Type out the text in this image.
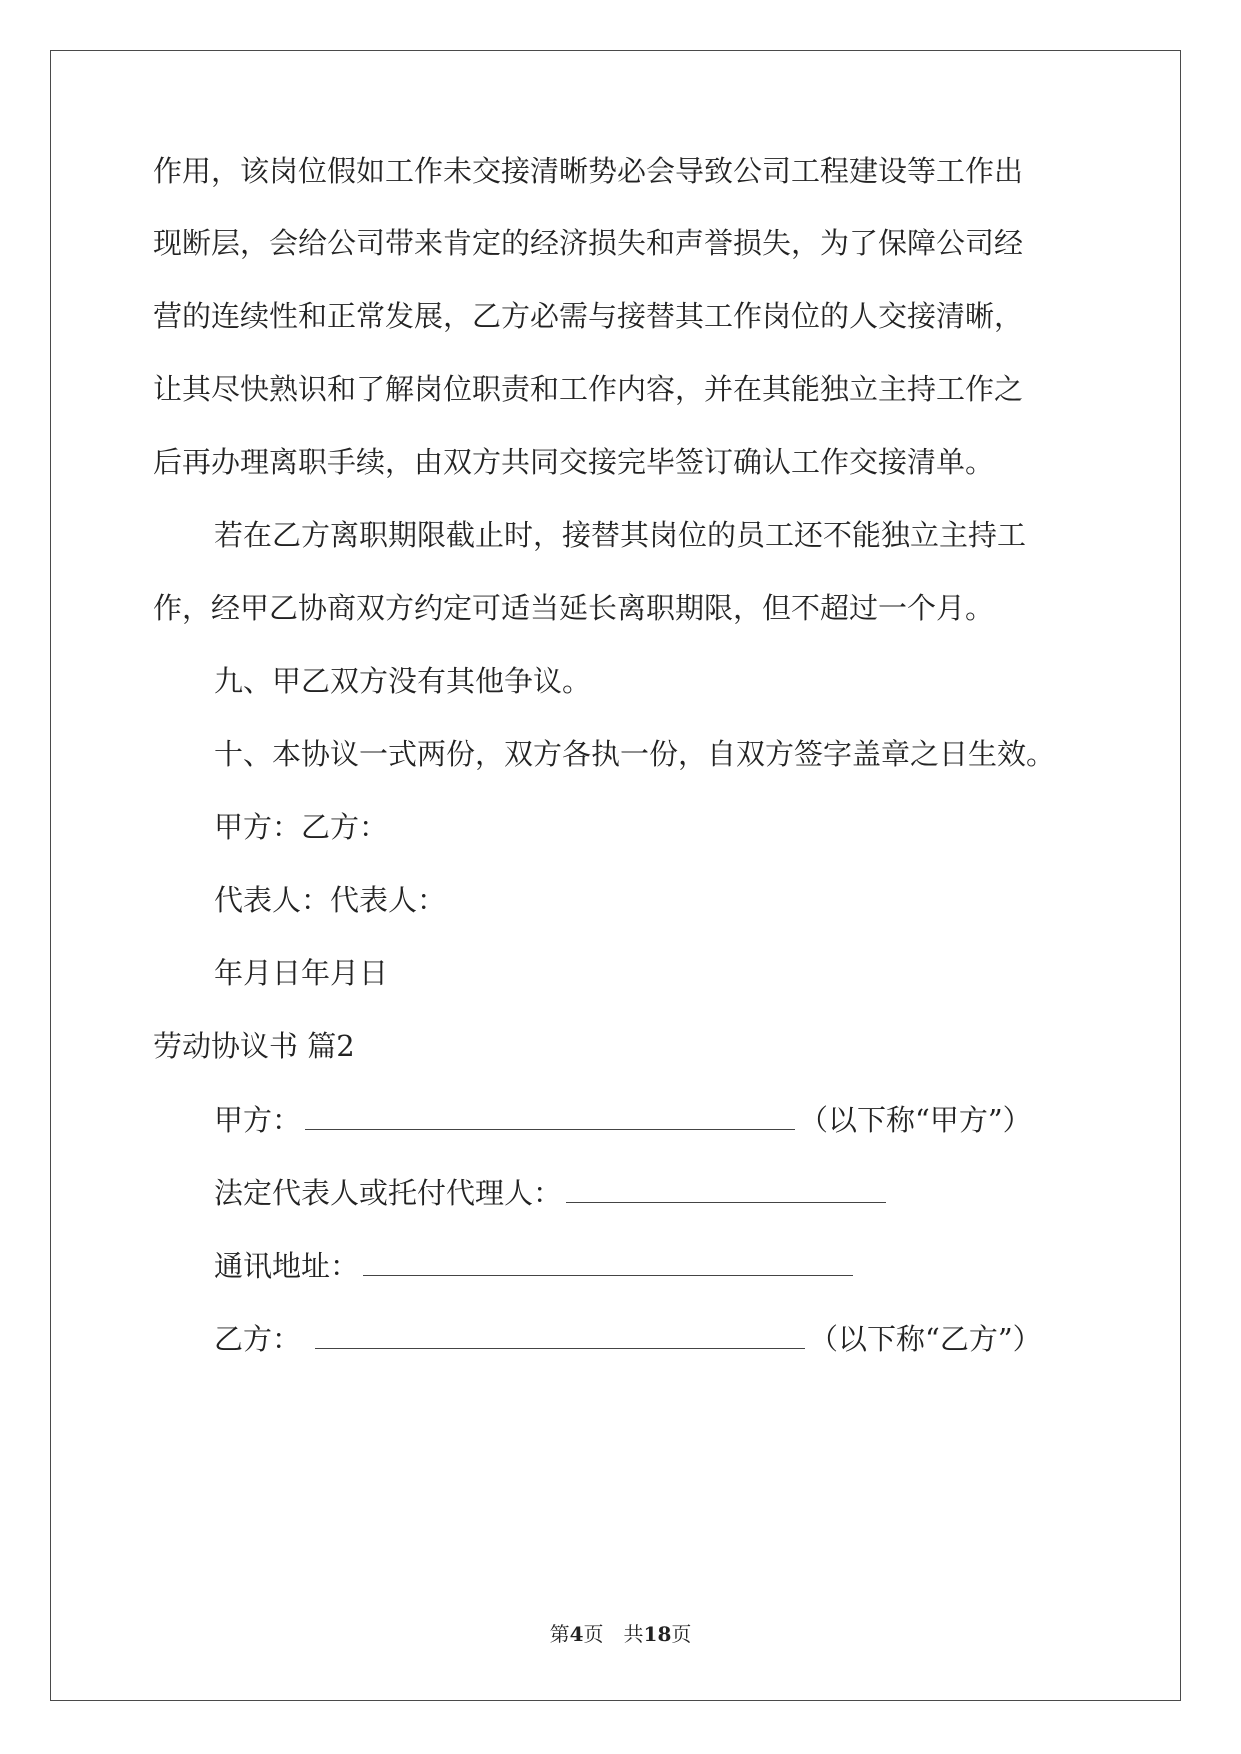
作用，该岗位假如工作未交接清晰势必会导致公司工程建设等工作出
现断层，会给公司带来肯定的经济损失和声誉损失，为了保障公司经
营的连续性和正常发展，乙方必需与接替其工作岗位的人交接清晰，
让其尽快熟识和了解岗位职责和工作内容，并在其能独立主持工作之
后再办理离职手续，由双方共同交接完毕签订确认工作交接清单。
若在乙方离职期限截止时，接替其岗位的员工还不能独立主持工
作，经甲乙协商双方约定可适当延长离职期限，但不超过一个月。
九、甲乙双方没有其他争议。
十、本协议一式两份，双方各执一份，自双方签字盖章之日生效。
甲方：乙方：
代表人：代表人：
年月日年月日
劳动协议书 篇2
甲方：	（以下称“甲方”）
法定代表人或托付代理人：
通讯地址：
乙方：	（以下称“乙方”）
第4页　共18页
